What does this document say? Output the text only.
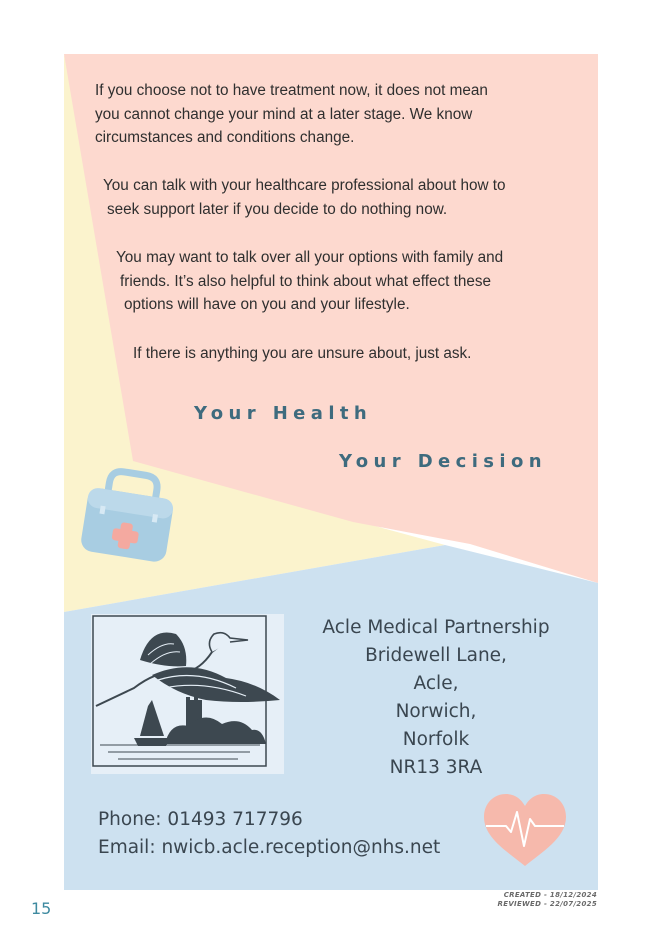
If you choose not to have treatment now, it does not mean
you cannot change your mind at a later stage. We know
circumstances and conditions change.
You can talk with your healthcare professional about how to
seek support later if you decide to do nothing now.
You may want to talk over all your options with family and
friends. It’s also helpful to think about what effect these
options will have on you and your lifestyle.
If there is anything you are unsure about, just ask.
Your Health
Your Decision
Acle Medical Partnership
Bridewell Lane,
Acle,
Norwich,
Norfolk
NR13 3RA
Phone: 01493 717796
Email: nwicb.acle.reception@nhs.net
15
CREATED - 18/12/2024
REVIEWED - 22/07/2025
